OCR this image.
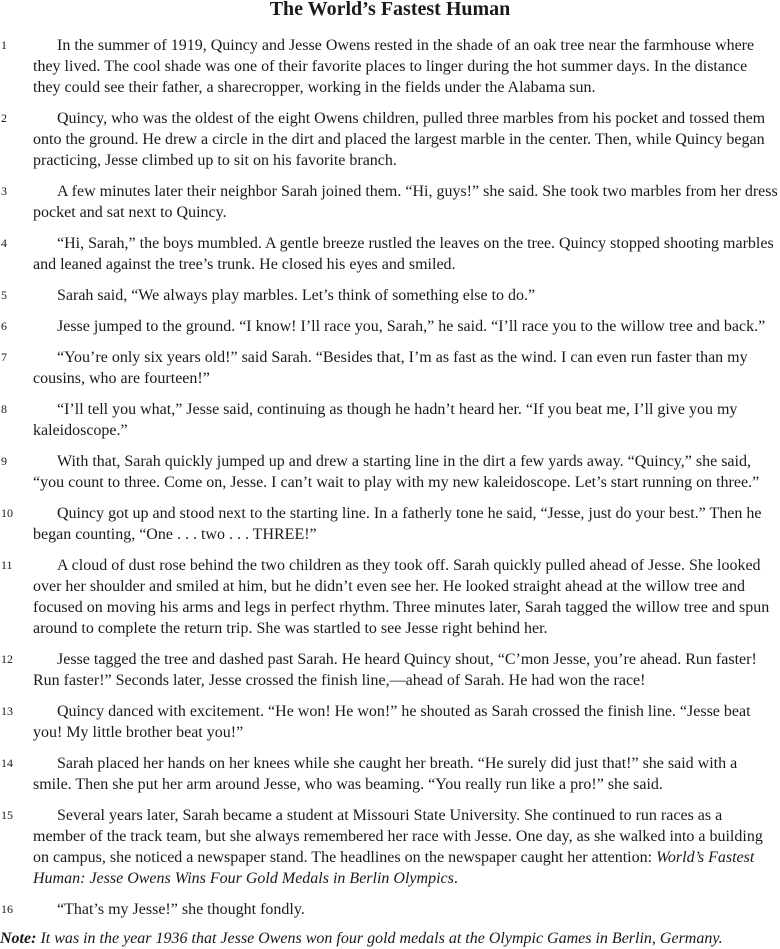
The World’s Fastest Human
1	In the summer of 1919, Quincy and Jesse Owens rested in the shade of an oak tree near the farmhouse where they lived. The cool shade was one of their favorite places to linger during the hot summer days. In the distance they could see their father, a sharecropper, working in the fields under the Alabama sun.

2	Quincy, who was the oldest of the eight Owens children, pulled three marbles from his pocket and tossed them onto the ground. He drew a circle in the dirt and placed the largest marble in the center. Then, while Quincy began practicing, Jesse climbed up to sit on his favorite branch.

3	A few minutes later their neighbor Sarah joined them. “Hi, guys!” she said. She took two marbles from her dress pocket and sat next to Quincy.

4	“Hi, Sarah,” the boys mumbled. A gentle breeze rustled the leaves on the tree. Quincy stopped shooting marbles and leaned against the tree’s trunk. He closed his eyes and smiled.

5	Sarah said, “We always play marbles. Let’s think of something else to do.”

6	Jesse jumped to the ground. “I know! I’ll race you, Sarah,” he said. “I’ll race you to the willow tree and back.”

7	“You’re only six years old!” said Sarah. “Besides that, I’m as fast as the wind. I can even run faster than my cousins, who are fourteen!”

8	“I’ll tell you what,” Jesse said, continuing as though he hadn’t heard her. “If you beat me, I’ll give you my kaleidoscope.”

9	With that, Sarah quickly jumped up and drew a starting line in the dirt a few yards away. “Quincy,” she said, “you count to three. Come on, Jesse. I can’t wait to play with my new kaleidoscope. Let’s start running on three.”

10	Quincy got up and stood next to the starting line. In a fatherly tone he said, “Jesse, just do your best.” Then he began counting, “One . . . two . . . THREE!”

11	A cloud of dust rose behind the two children as they took off. Sarah quickly pulled ahead of Jesse. She looked over her shoulder and smiled at him, but he didn’t even see her. He looked straight ahead at the willow tree and focused on moving his arms and legs in perfect rhythm. Three minutes later, Sarah tagged the willow tree and spun around to complete the return trip. She was startled to see Jesse right behind her.

12	Jesse tagged the tree and dashed past Sarah. He heard Quincy shout, “C’mon Jesse, you’re ahead. Run faster! Run faster!” Seconds later, Jesse crossed the finish line,—ahead of Sarah. He had won the race!

13	Quincy danced with excitement. “He won! He won!” he shouted as Sarah crossed the finish line. “Jesse beat you! My little brother beat you!”

14	Sarah placed her hands on her knees while she caught her breath. “He surely did just that!” she said with a smile. Then she put her arm around Jesse, who was beaming. “You really run like a pro!” she said.

15	Several years later, Sarah became a student at Missouri State University. She continued to run races as a member of the track team, but she always remembered her race with Jesse. One day, as she walked into a building on campus, she noticed a newspaper stand. The headlines on the newspaper caught her attention: World’s Fastest Human: Jesse Owens Wins Four Gold Medals in Berlin Olympics.

16	“That’s my Jesse!” she thought fondly.

Note: It was in the year 1936 that Jesse Owens won four gold medals at the Olympic Games in Berlin, Germany.
